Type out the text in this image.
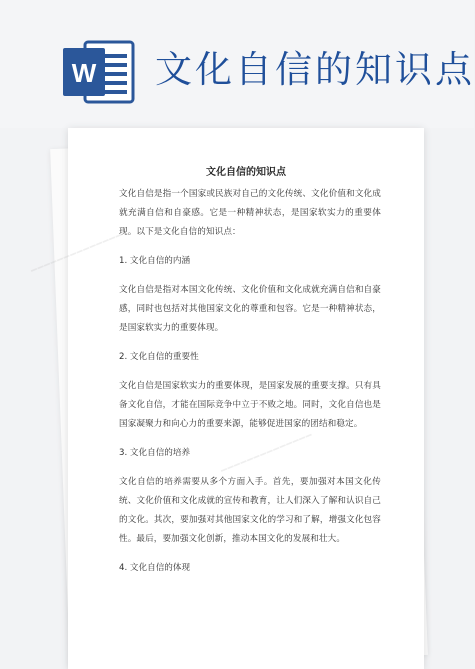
W 文化自信的知识点
━━━━━━━━━━━━━━
━━━━━━━━━━━━━━
文化自信的知识点

文化自信是指一个国家或民族对自己的文化传统、文化价值和文化成就充满自信和自豪感。它是一种精神状态，是国家软实力的重要体现。以下是文化自信的知识点：

1. 文化自信的内涵

文化自信是指对本国文化传统、文化价值和文化成就充满自信和自豪感，同时也包括对其他国家文化的尊重和包容。它是一种精神状态，是国家软实力的重要体现。

2. 文化自信的重要性

文化自信是国家软实力的重要体现，是国家发展的重要支撑。只有具备文化自信，才能在国际竞争中立于不败之地。同时，文化自信也是国家凝聚力和向心力的重要来源，能够促进国家的团结和稳定。

3. 文化自信的培养

文化自信的培养需要从多个方面入手。首先，要加强对本国文化传统、文化价值和文化成就的宣传和教育，让人们深入了解和认识自己的文化。其次，要加强对其他国家文化的学习和了解，增强文化包容性。最后，要加强文化创新，推动本国文化的发展和壮大。

4. 文化自信的体现
